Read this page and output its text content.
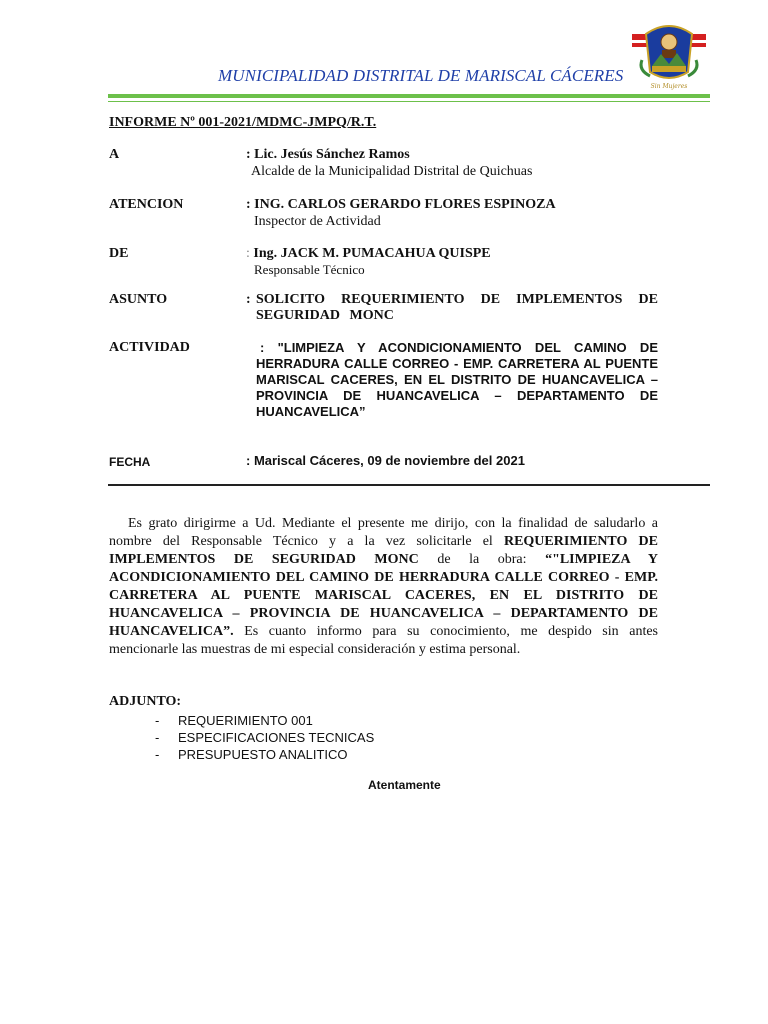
MUNICIPALIDAD DISTRITAL DE MARISCAL CÁCERES
Sin Mujeres
INFORME Nº 001-2021/MDMC-JMPQ/R.T.
A	: Lic. Jesús Sánchez Ramos
Alcalde de la Municipalidad Distrital de Quichuas
ATENCION	: ING. CARLOS GERARDO FLORES ESPINOZA
Inspector de Actividad
DE	: Ing. JACK M. PUMACAHUA QUISPE
Responsable Técnico
ASUNTO	: SOLICITO REQUERIMIENTO DE IMPLEMENTOS DE SEGURIDAD MONC
ACTIVIDAD	: "LIMPIEZA Y ACONDICIONAMIENTO DEL CAMINO DE HERRADURA CALLE CORREO - EMP. CARRETERA AL PUENTE MARISCAL CACERES, EN EL DISTRITO DE HUANCAVELICA – PROVINCIA DE HUANCAVELICA – DEPARTAMENTO DE HUANCAVELICA”
FECHA	: Mariscal Cáceres, 09 de noviembre del 2021
Es grato dirigirme a Ud. Mediante el presente me dirijo, con la finalidad de saludarlo a nombre del Responsable Técnico y a la vez solicitarle el REQUERIMIENTO DE IMPLEMENTOS DE SEGURIDAD MONC de la obra: “"LIMPIEZA Y ACONDICIONAMIENTO DEL CAMINO DE HERRADURA CALLE CORREO - EMP. CARRETERA AL PUENTE MARISCAL CACERES, EN EL DISTRITO DE HUANCAVELICA – PROVINCIA DE HUANCAVELICA – DEPARTAMENTO DE HUANCAVELICA”. Es cuanto informo para su conocimiento, me despido sin antes mencionarle las muestras de mi especial consideración y estima personal.
ADJUNTO:
- REQUERIMIENTO 001
- ESPECIFICACIONES TECNICAS
- PRESUPUESTO ANALITICO
Atentamente
